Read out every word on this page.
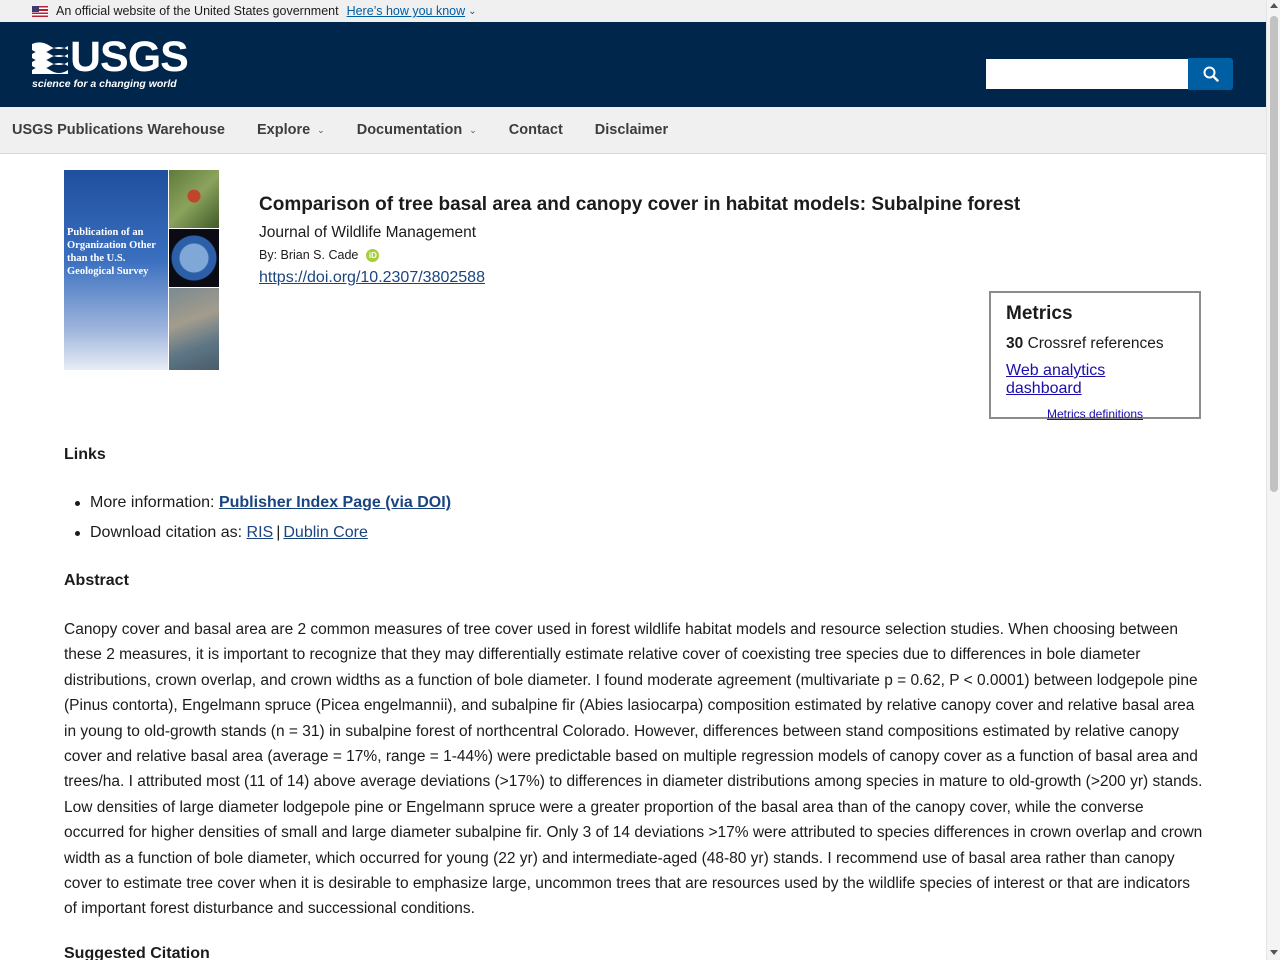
An official website of the United States government Here’s how you know ⌄
USGS
science for a changing world
USGS Publications Warehouse Explore ⌄ Documentation ⌄ Contact Disclaimer
Publication of an Organization Other than the U.S. Geological Survey
Comparison of tree basal area and canopy cover in habitat models: Subalpine forest
Journal of Wildlife Management
By: Brian S. Cade	iD
https://doi.org/10.2307/3802588
Metrics
30 Crossref references
Web analytics dashboard
Metrics definitions
Links
More information: Publisher Index Page (via DOI)
Download citation as: RIS | Dublin Core
Abstract

Canopy cover and basal area are 2 common measures of tree cover used in forest wildlife habitat models and resource selection studies. When choosing between these 2 measures, it is important to recognize that they may differentially estimate relative cover of coexisting tree species due to differences in bole diameter distributions, crown overlap, and crown widths as a function of bole diameter. I found moderate agreement (multivariate p = 0.62, P < 0.0001) between lodgepole pine (Pinus contorta), Engelmann spruce (Picea engelmannii), and subalpine fir (Abies lasiocarpa) composition estimated by relative canopy cover and relative basal area in young to old-growth stands (n = 31) in subalpine forest of northcentral Colorado. However, differences between stand compositions estimated by relative canopy cover and relative basal area (average = 17%, range = 1-44%) were predictable based on multiple regression models of canopy cover as a function of basal area and trees/ha. I attributed most (11 of 14) above average deviations (>17%) to differences in diameter distributions among species in mature to old-growth (>200 yr) stands. Low densities of large diameter lodgepole pine or Engelmann spruce were a greater proportion of the basal area than of the canopy cover, while the converse occurred for higher densities of small and large diameter subalpine fir. Only 3 of 14 deviations >17% were attributed to species differences in crown overlap and crown width as a function of bole diameter, which occurred for young (22 yr) and intermediate-aged (48-80 yr) stands. I recommend use of basal area rather than canopy cover to estimate tree cover when it is desirable to emphasize large, uncommon trees that are resources used by the wildlife species of interest or that are indicators of important forest disturbance and successional conditions.

Suggested Citation
